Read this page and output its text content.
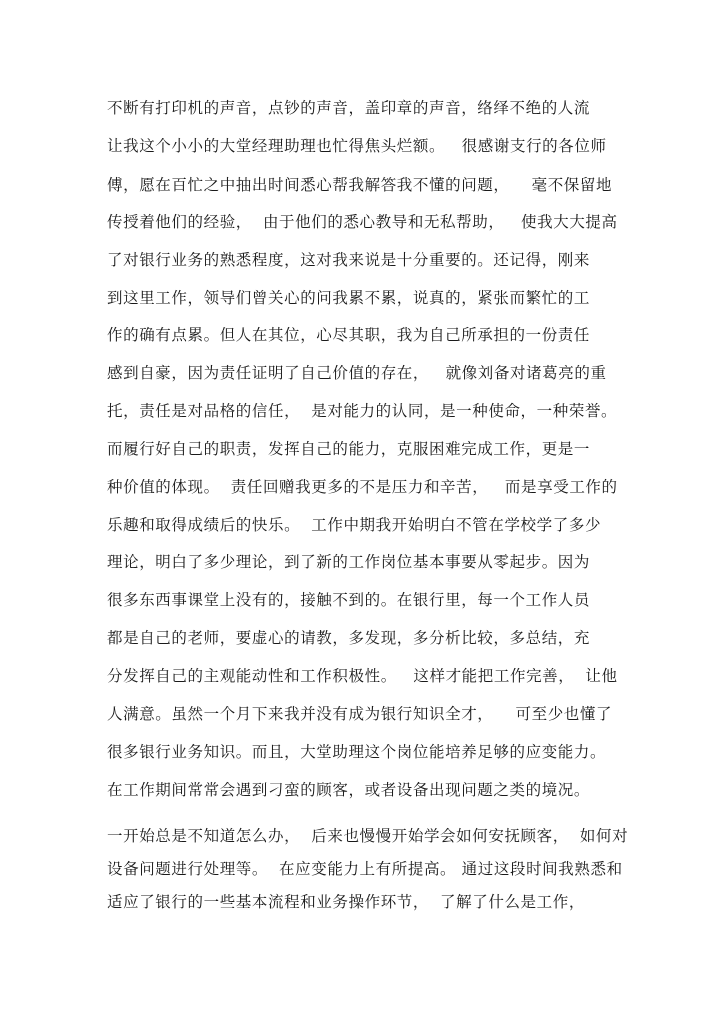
不断有打印机的声音，点钞的声音，盖印章的声音，络绎不绝的人流
让我这个小小的大堂经理助理也忙得焦头烂额。   很感谢支行的各位师
傅，愿在百忙之中抽出时间悉心帮我解答我不懂的问题，    毫不保留地
传授着他们的经验，  由于他们的悉心教导和无私帮助，   使我大大提高
了对银行业务的熟悉程度，这对我来说是十分重要的。还记得，刚来
到这里工作，领导们曾关心的问我累不累，说真的，紧张而繁忙的工
作的确有点累。但人在其位，心尽其职，我为自己所承担的一份责任
感到自豪，因为责任证明了自己价值的存在，   就像刘备对诸葛亮的重
托，责任是对品格的信任，  是对能力的认同，是一种使命，一种荣誉。
而履行好自己的职责，发挥自己的能力，克服困难完成工作，更是一
种价值的体现。  责任回赠我更多的不是压力和辛苦，   而是享受工作的
乐趣和取得成绩后的快乐。  工作中期我开始明白不管在学校学了多少
理论，明白了多少理论，到了新的工作岗位基本事要从零起步。因为
很多东西事课堂上没有的，接触不到的。在银行里，每一个工作人员
都是自己的老师，要虚心的请教，多发现，多分析比较，多总结，充
分发挥自己的主观能动性和工作积极性。   这样才能把工作完善，  让他
人满意。虽然一个月下来我并没有成为银行知识全才，    可至少也懂了
很多银行业务知识。而且，大堂助理这个岗位能培养足够的应变能力。
在工作期间常常会遇到刁蛮的顾客，或者设备出现问题之类的境况。
一开始总是不知道怎么办，  后来也慢慢开始学会如何安抚顾客，  如何对
设备问题进行处理等。  在应变能力上有所提高。 通过这段时间我熟悉和
适应了银行的一些基本流程和业务操作环节，  了解了什么是工作，
